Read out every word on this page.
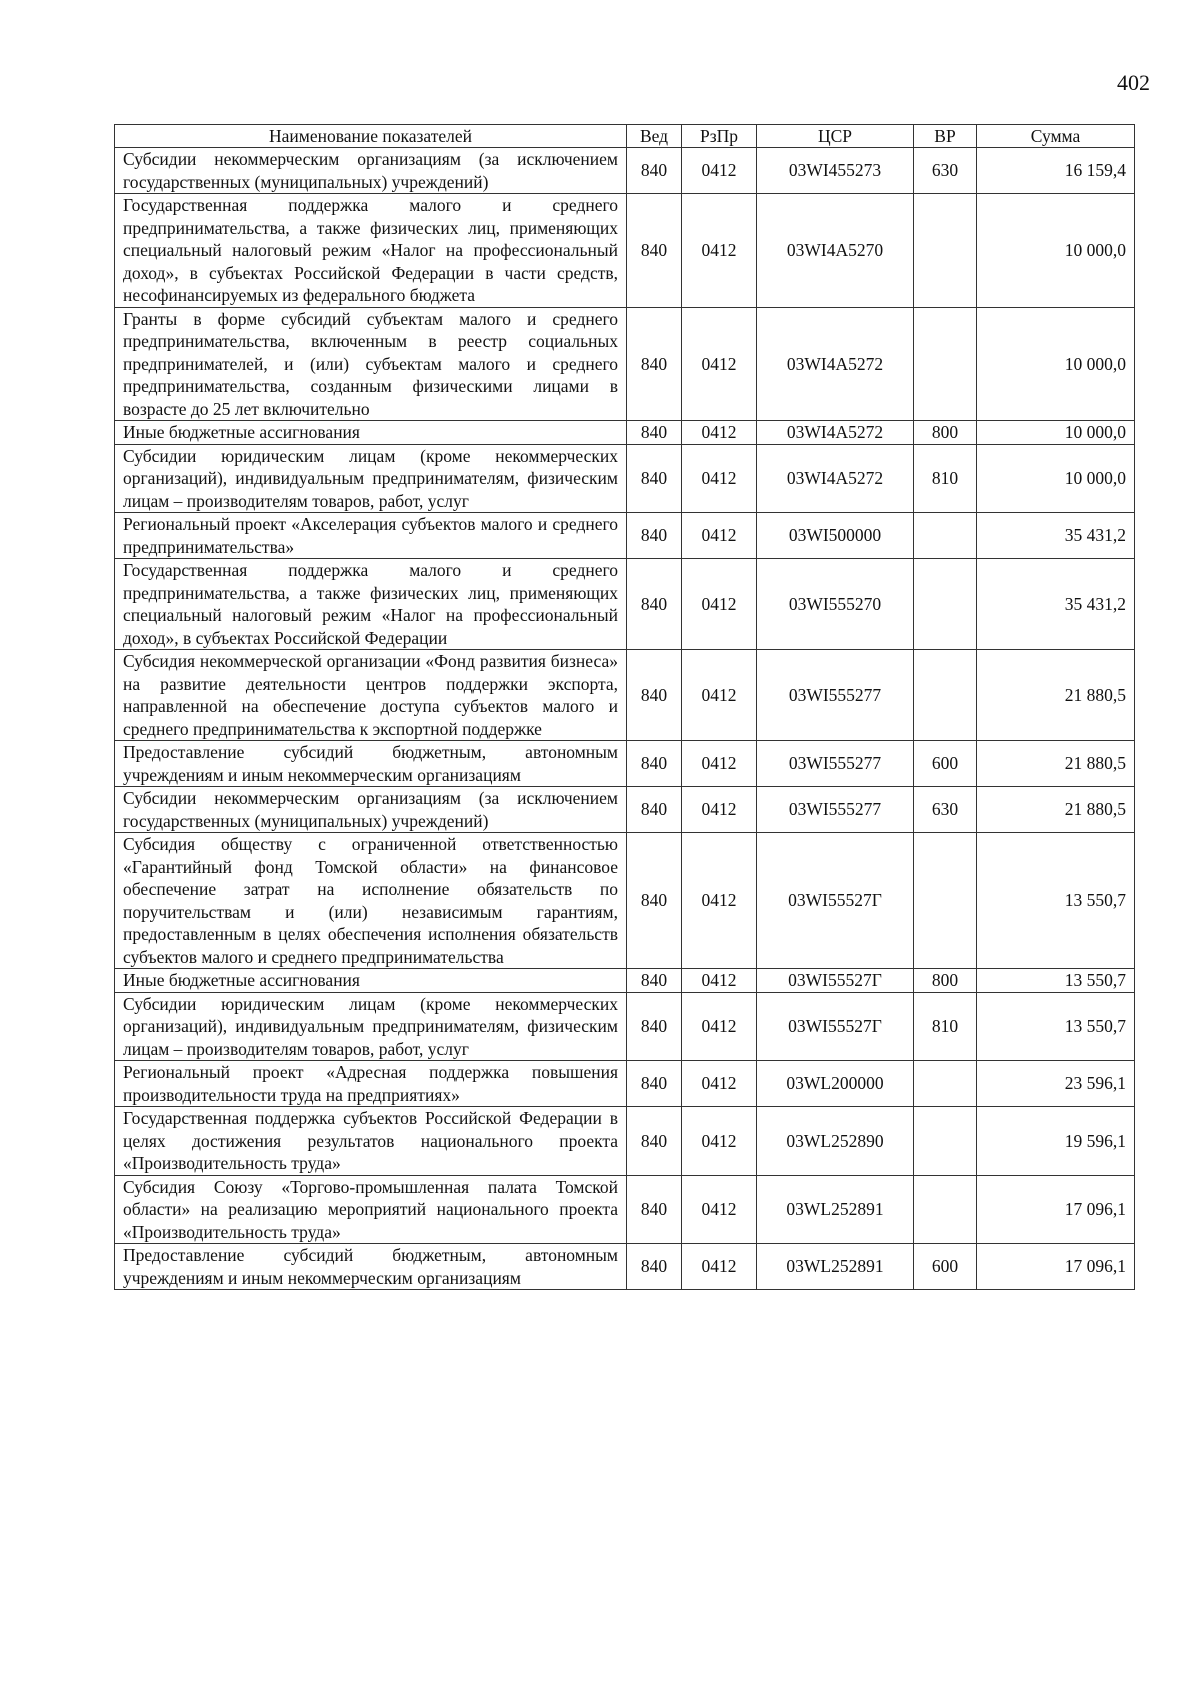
402
Наименование показателей	Вед	РзПр	ЦСР	ВР	Сумма
Субсидии некоммерческим организациям (за исключением государственных (муниципальных) учреждений)	840	0412	03WI455273	630	16 159,4
Государственная поддержка малого и среднего предпринимательства, а также физических лиц, применяющих специальный налоговый режим «Налог на профессиональный доход», в субъектах Российской Федерации в части средств, несофинансируемых из федерального бюджета	840	0412	03WI4A5270		10 000,0
Гранты в форме субсидий субъектам малого и среднего предпринимательства, включенным в реестр социальных предпринимателей, и (или) субъектам малого и среднего предпринимательства, созданным физическими лицами в возрасте до 25 лет включительно	840	0412	03WI4A5272		10 000,0
Иные бюджетные ассигнования	840	0412	03WI4A5272	800	10 000,0
Субсидии юридическим лицам (кроме некоммерческих организаций), индивидуальным предпринимателям, физическим лицам – производителям товаров, работ, услуг	840	0412	03WI4A5272	810	10 000,0
Региональный проект «Акселерация субъектов малого и среднего предпринимательства»	840	0412	03WI500000		35 431,2
Государственная поддержка малого и среднего предпринимательства, а также физических лиц, применяющих специальный налоговый режим «Налог на профессиональный доход», в субъектах Российской Федерации	840	0412	03WI555270		35 431,2
Субсидия некоммерческой организации «Фонд развития бизнеса» на развитие деятельности центров поддержки экспорта, направленной на обеспечение доступа субъектов малого и среднего предпринимательства к экспортной поддержке	840	0412	03WI555277		21 880,5
Предоставление субсидий бюджетным, автономным учреждениям и иным некоммерческим организациям	840	0412	03WI555277	600	21 880,5
Субсидии некоммерческим организациям (за исключением государственных (муниципальных) учреждений)	840	0412	03WI555277	630	21 880,5
Субсидия обществу с ограниченной ответственностью «Гарантийный фонд Томской области» на финансовое обеспечение затрат на исполнение обязательств по поручительствам и (или) независимым гарантиям, предоставленным в целях обеспечения исполнения обязательств субъектов малого и среднего предпринимательства	840	0412	03WI55527Г		13 550,7
Иные бюджетные ассигнования	840	0412	03WI55527Г	800	13 550,7
Субсидии юридическим лицам (кроме некоммерческих организаций), индивидуальным предпринимателям, физическим лицам – производителям товаров, работ, услуг	840	0412	03WI55527Г	810	13 550,7
Региональный проект «Адресная поддержка повышения производительности труда на предприятиях»	840	0412	03WL200000		23 596,1
Государственная поддержка субъектов Российской Федерации в целях достижения результатов национального проекта «Производительность труда»	840	0412	03WL252890		19 596,1
Субсидия Союзу «Торгово-промышленная палата Томской области» на реализацию мероприятий национального проекта «Производительность труда»	840	0412	03WL252891		17 096,1
Предоставление субсидий бюджетным, автономным учреждениям и иным некоммерческим организациям	840	0412	03WL252891	600	17 096,1
